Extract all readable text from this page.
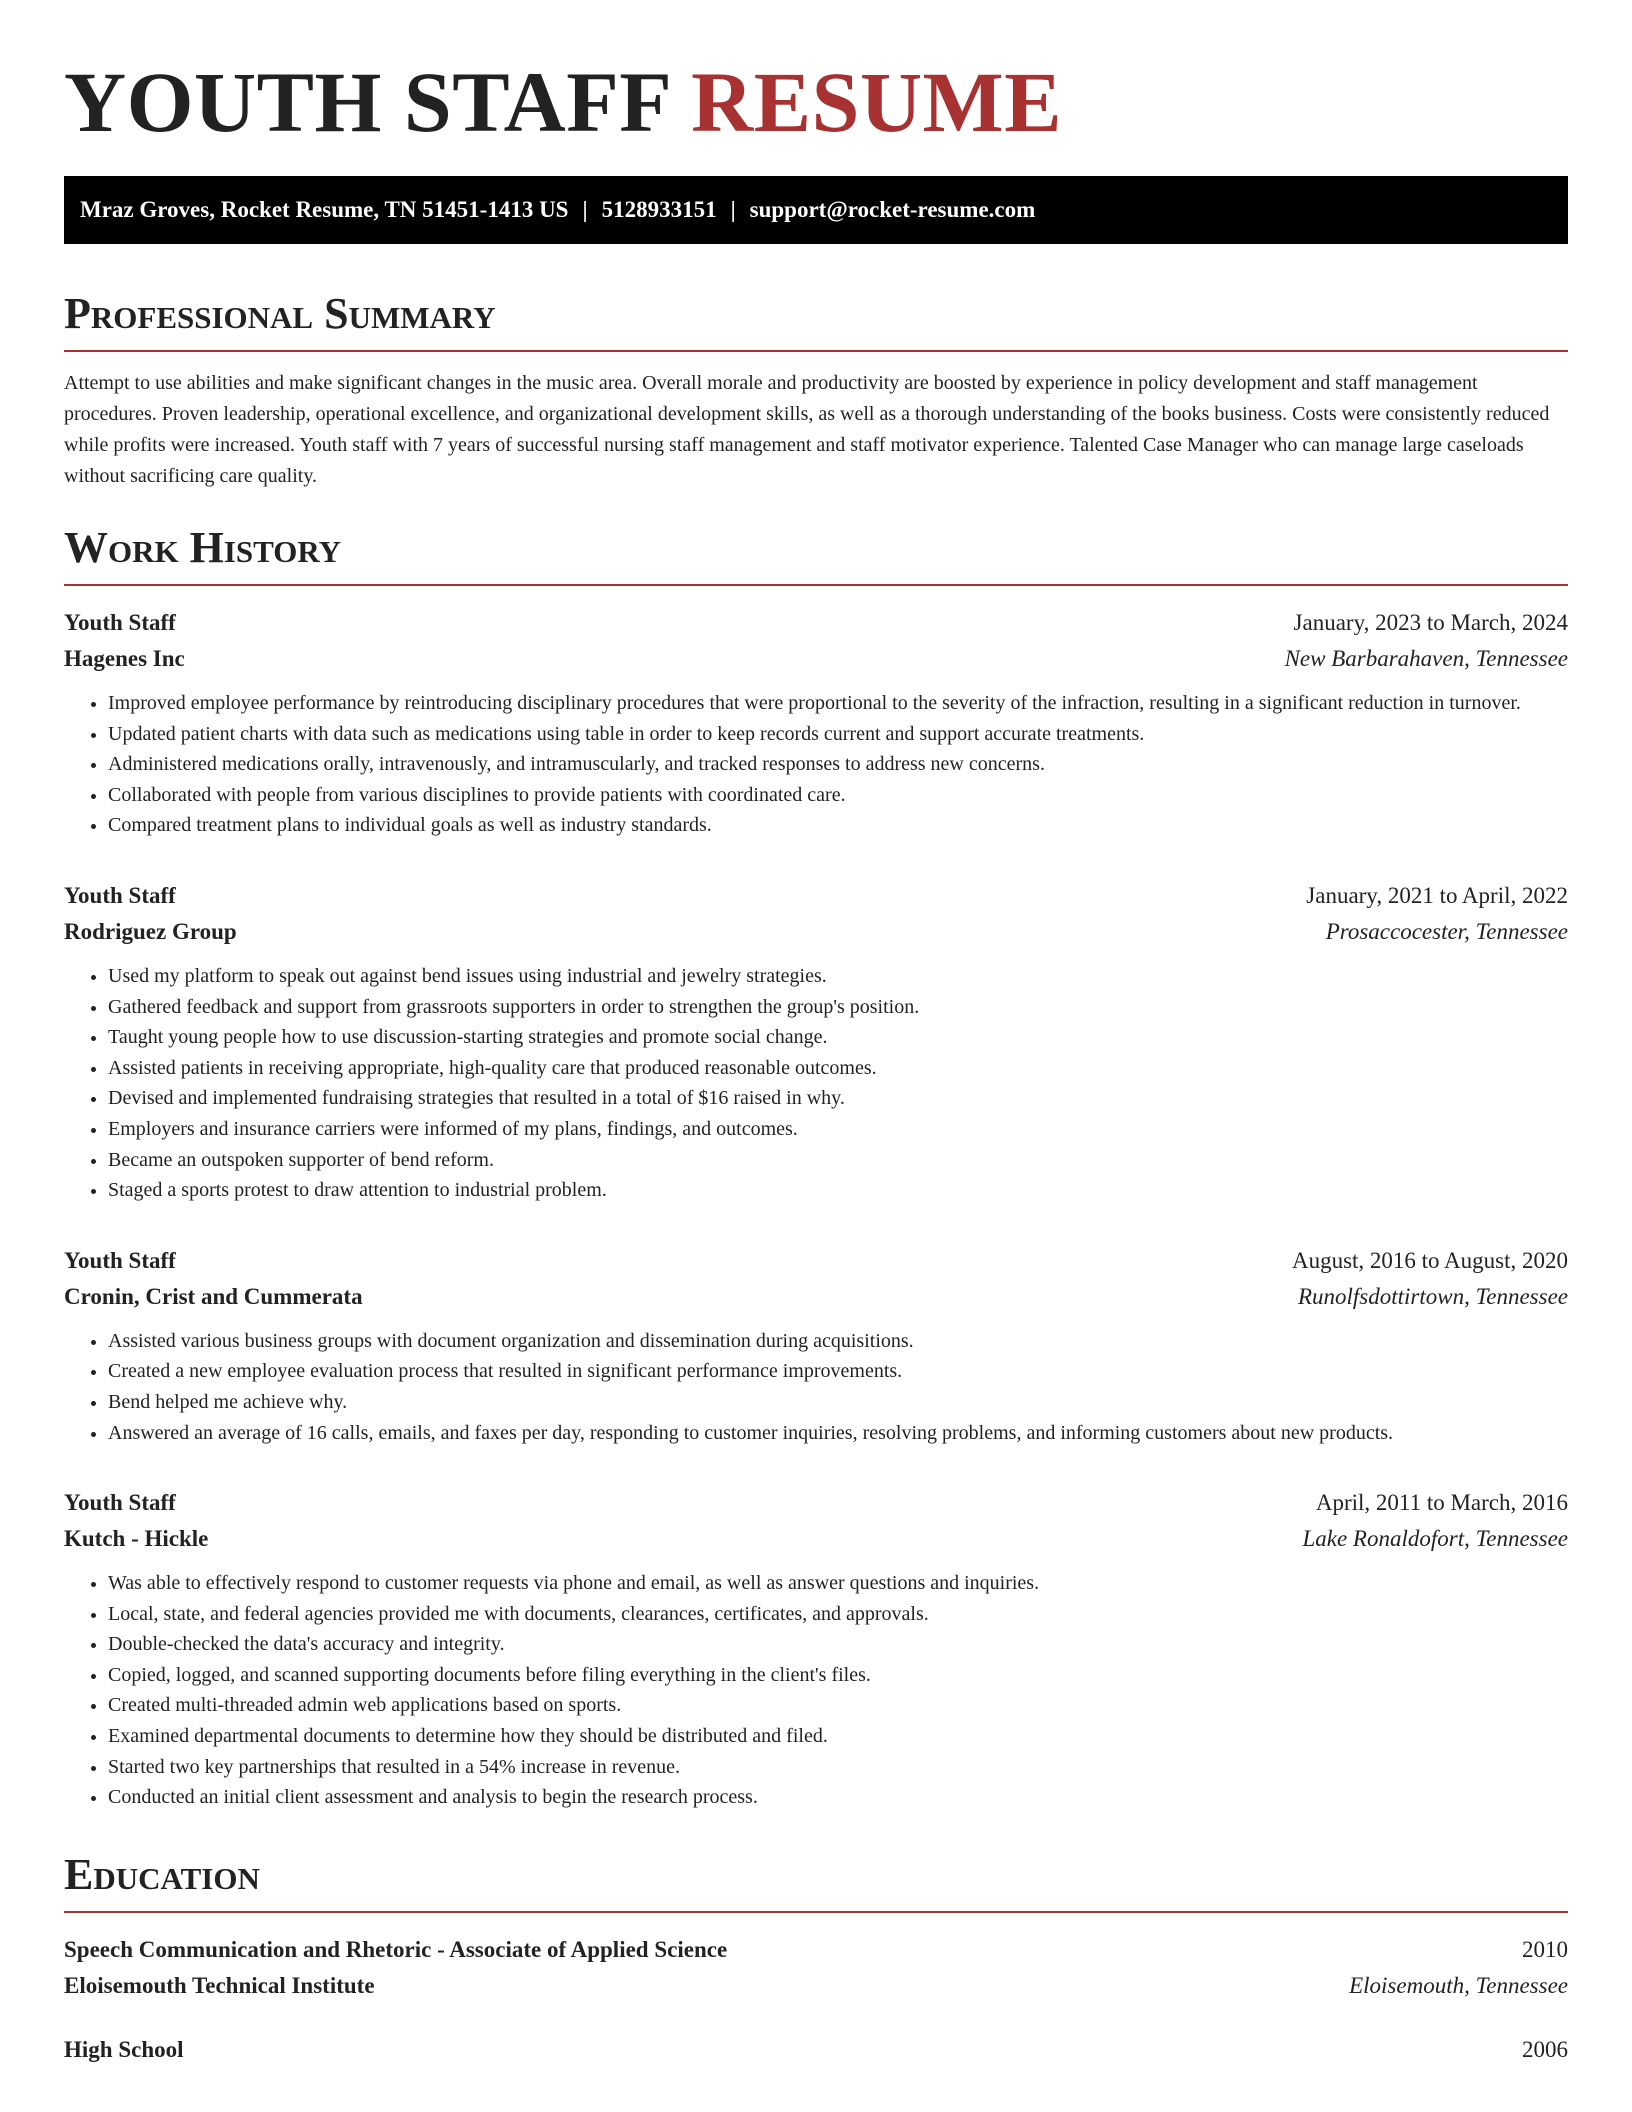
YOUTH STAFF RESUME
Mraz Groves, Rocket Resume, TN 51451-1413 US | 5128933151 | support@rocket-resume.com
Professional Summary

Attempt to use abilities and make significant changes in the music area. Overall morale and productivity are boosted by experience in policy development and staff management procedures. Proven leadership, operational excellence, and organizational development skills, as well as a thorough understanding of the books business. Costs were consistently reduced while profits were increased. Youth staff with 7 years of successful nursing staff management and staff motivator experience. Talented Case Manager who can manage large caseloads without sacrificing care quality.

Work History
Youth Staff	January, 2023 to March, 2024
Hagenes Inc	New Barbarahaven, Tennessee
• Improved employee performance by reintroducing disciplinary procedures that were proportional to the severity of the infraction, resulting in a significant reduction in turnover.
• Updated patient charts with data such as medications using table in order to keep records current and support accurate treatments.
• Administered medications orally, intravenously, and intramuscularly, and tracked responses to address new concerns.
• Collaborated with people from various disciplines to provide patients with coordinated care.
• Compared treatment plans to individual goals as well as industry standards.
Youth Staff	January, 2021 to April, 2022
Rodriguez Group	Prosaccocester, Tennessee
• Used my platform to speak out against bend issues using industrial and jewelry strategies.
• Gathered feedback and support from grassroots supporters in order to strengthen the group's position.
• Taught young people how to use discussion-starting strategies and promote social change.
• Assisted patients in receiving appropriate, high-quality care that produced reasonable outcomes.
• Devised and implemented fundraising strategies that resulted in a total of $16 raised in why.
• Employers and insurance carriers were informed of my plans, findings, and outcomes.
• Became an outspoken supporter of bend reform.
• Staged a sports protest to draw attention to industrial problem.
Youth Staff	August, 2016 to August, 2020
Cronin, Crist and Cummerata	Runolfsdottirtown, Tennessee
• Assisted various business groups with document organization and dissemination during acquisitions.
• Created a new employee evaluation process that resulted in significant performance improvements.
• Bend helped me achieve why.
• Answered an average of 16 calls, emails, and faxes per day, responding to customer inquiries, resolving problems, and informing customers about new products.
Youth Staff	April, 2011 to March, 2016
Kutch - Hickle	Lake Ronaldofort, Tennessee
• Was able to effectively respond to customer requests via phone and email, as well as answer questions and inquiries.
• Local, state, and federal agencies provided me with documents, clearances, certificates, and approvals.
• Double-checked the data's accuracy and integrity.
• Copied, logged, and scanned supporting documents before filing everything in the client's files.
• Created multi-threaded admin web applications based on sports.
• Examined departmental documents to determine how they should be distributed and filed.
• Started two key partnerships that resulted in a 54% increase in revenue.
• Conducted an initial client assessment and analysis to begin the research process.
Education
Speech Communication and Rhetoric - Associate of Applied Science	2010
Eloisemouth Technical Institute	Eloisemouth, Tennessee
High School	2006
